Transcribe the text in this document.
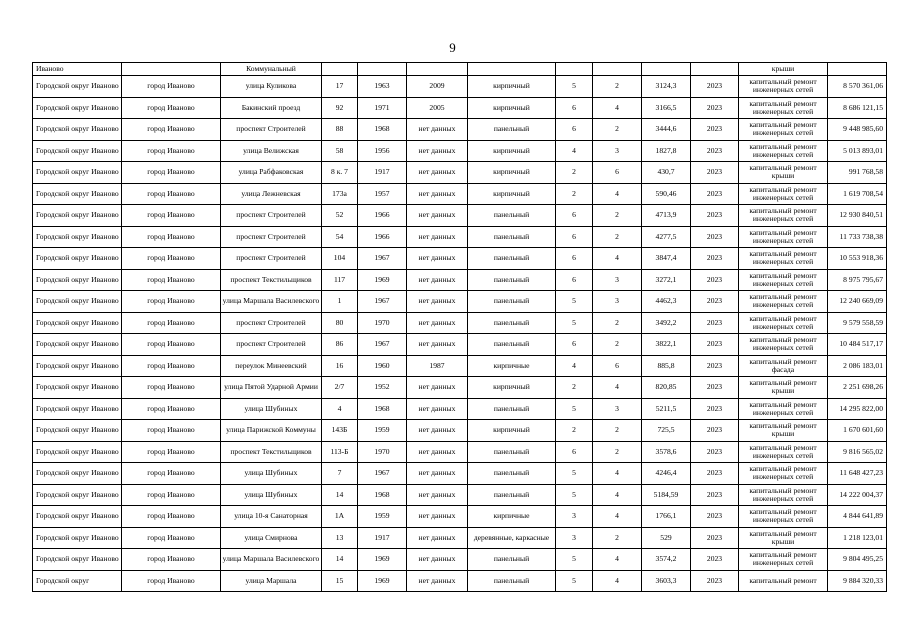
9
Иваново		Коммунальный									крыши	
Городской округ Иваново	город Иваново	улица Куликова	17	1963	2009	кирпичный	5	2	3124,3	2023	капитальный ремонт инженерных сетей	8 570 361,06
Городской округ Иваново	город Иваново	Бакинский проезд	92	1971	2005	кирпичный	6	4	3166,5	2023	капитальный ремонт инженерных сетей	8 686 121,15
Городской округ Иваново	город Иваново	проспект Строителей	88	1968	нет данных	панельный	6	2	3444,6	2023	капитальный ремонт инженерных сетей	9 448 985,60
Городской округ Иваново	город Иваново	улица Велижская	58	1956	нет данных	кирпичный	4	3	1827,8	2023	капитальный ремонт инженерных сетей	5 013 893,01
Городской округ Иваново	город Иваново	улица Рабфаковская	8 к. 7	1917	нет данных	кирпичный	2	6	430,7	2023	капитальный ремонт крыши	991 768,58
Городской округ Иваново	город Иваново	улица Лежневская	173а	1957	нет данных	кирпичный	2	4	590,46	2023	капитальный ремонт инженерных сетей	1 619 708,54
Городской округ Иваново	город Иваново	проспект Строителей	52	1966	нет данных	панельный	6	2	4713,9	2023	капитальный ремонт инженерных сетей	12 930 840,51
Городской округ Иваново	город Иваново	проспект Строителей	54	1966	нет данных	панельный	6	2	4277,5	2023	капитальный ремонт инженерных сетей	11 733 738,38
Городской округ Иваново	город Иваново	проспект Строителей	104	1967	нет данных	панельный	6	4	3847,4	2023	капитальный ремонт инженерных сетей	10 553 918,36
Городской округ Иваново	город Иваново	проспект Текстильщиков	117	1969	нет данных	панельный	6	3	3272,1	2023	капитальный ремонт инженерных сетей	8 975 795,67
Городской округ Иваново	город Иваново	улица Маршала Василевского	1	1967	нет данных	панельный	5	3	4462,3	2023	капитальный ремонт инженерных сетей	12 240 669,09
Городской округ Иваново	город Иваново	проспект Строителей	80	1970	нет данных	панельный	5	2	3492,2	2023	капитальный ремонт инженерных сетей	9 579 558,59
Городской округ Иваново	город Иваново	проспект Строителей	86	1967	нет данных	панельный	6	2	3822,1	2023	капитальный ремонт инженерных сетей	10 484 517,17
Городской округ Иваново	город Иваново	переулок Минеевский	16	1960	1987	кирпичные	4	6	885,8	2023	капитальный ремонт фасада	2 086 183,01
Городской округ Иваново	город Иваново	улица Пятой Ударной Армии	2/7	1952	нет данных	кирпичный	2	4	820,85	2023	капитальный ремонт крыши	2 251 698,26
Городской округ Иваново	город Иваново	улица Шубиных	4	1968	нет данных	панельный	5	3	5211,5	2023	капитальный ремонт инженерных сетей	14 295 822,00
Городской округ Иваново	город Иваново	улица Парижской Коммуны	143Б	1959	нет данных	кирпичный	2	2	725,5	2023	капитальный ремонт крыши	1 670 601,60
Городской округ Иваново	город Иваново	проспект Текстильщиков	113-Б	1970	нет данных	панельный	6	2	3578,6	2023	капитальный ремонт инженерных сетей	9 816 565,02
Городской округ Иваново	город Иваново	улица Шубиных	7	1967	нет данных	панельный	5	4	4246,4	2023	капитальный ремонт инженерных сетей	11 648 427,23
Городской округ Иваново	город Иваново	улица Шубиных	14	1968	нет данных	панельный	5	4	5184,59	2023	капитальный ремонт инженерных сетей	14 222 004,37
Городской округ Иваново	город Иваново	улица 10-я Санаторная	1А	1959	нет данных	кирпичные	3	4	1766,1	2023	капитальный ремонт инженерных сетей	4 844 641,89
Городской округ Иваново	город Иваново	улица Смирнова	13	1917	нет данных	деревянные, каркасные	3	2	529	2023	капитальный ремонт крыши	1 218 123,01
Городской округ Иваново	город Иваново	улица Маршала Василевского	14	1969	нет данных	панельный	5	4	3574,2	2023	капитальный ремонт инженерных сетей	9 804 495,25
Городской округ	город Иваново	улица Маршала	15	1969	нет данных	панельный	5	4	3603,3	2023	капитальный ремонт	9 884 320,33
